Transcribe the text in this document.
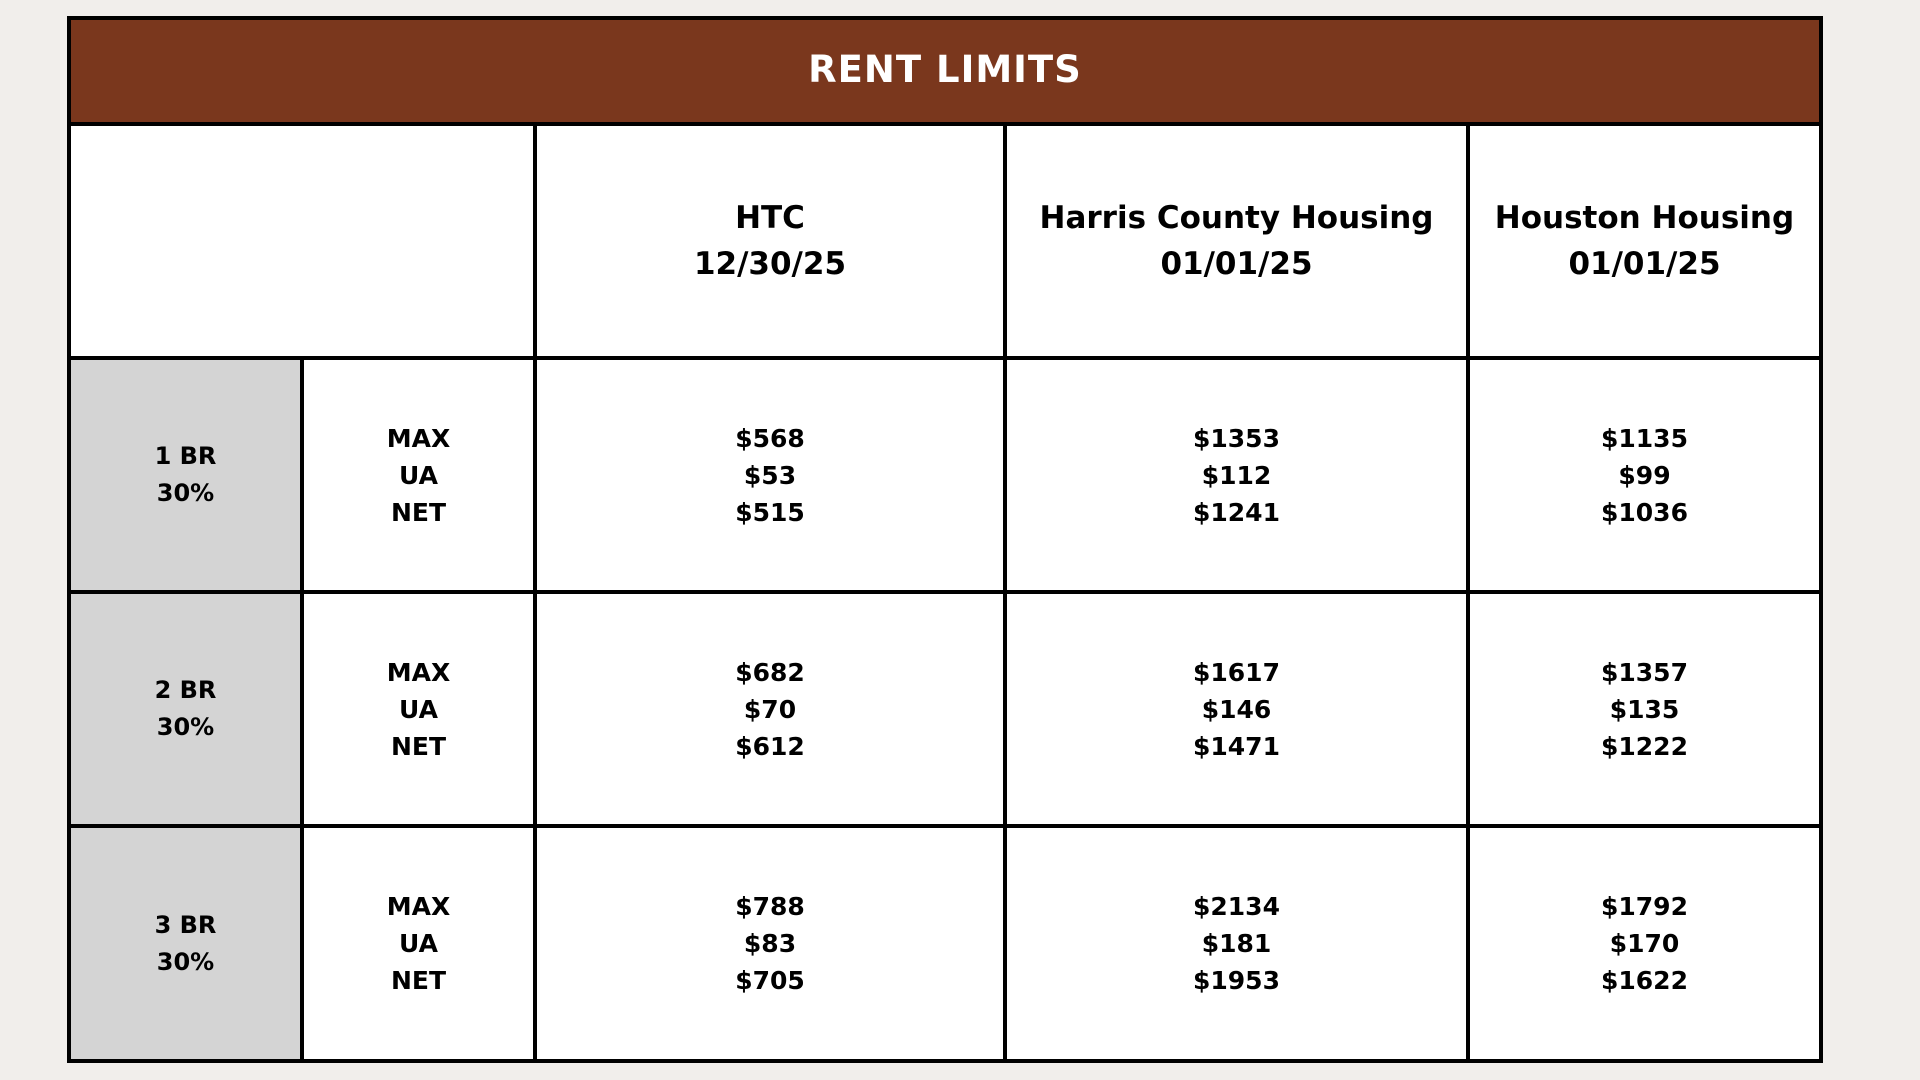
RENT LIMITS
HTC
12/30/25
Harris County Housing
01/01/25
Houston Housing
01/01/25
1 BR
30%
MAX
UA
NET
$568
$53
$515
$1353
$112
$1241
$1135
$99
$1036
2 BR
30%
MAX
UA
NET
$682
$70
$612
$1617
$146
$1471
$1357
$135
$1222
3 BR
30%
MAX
UA
NET
$788
$83
$705
$2134
$181
$1953
$1792
$170
$1622
